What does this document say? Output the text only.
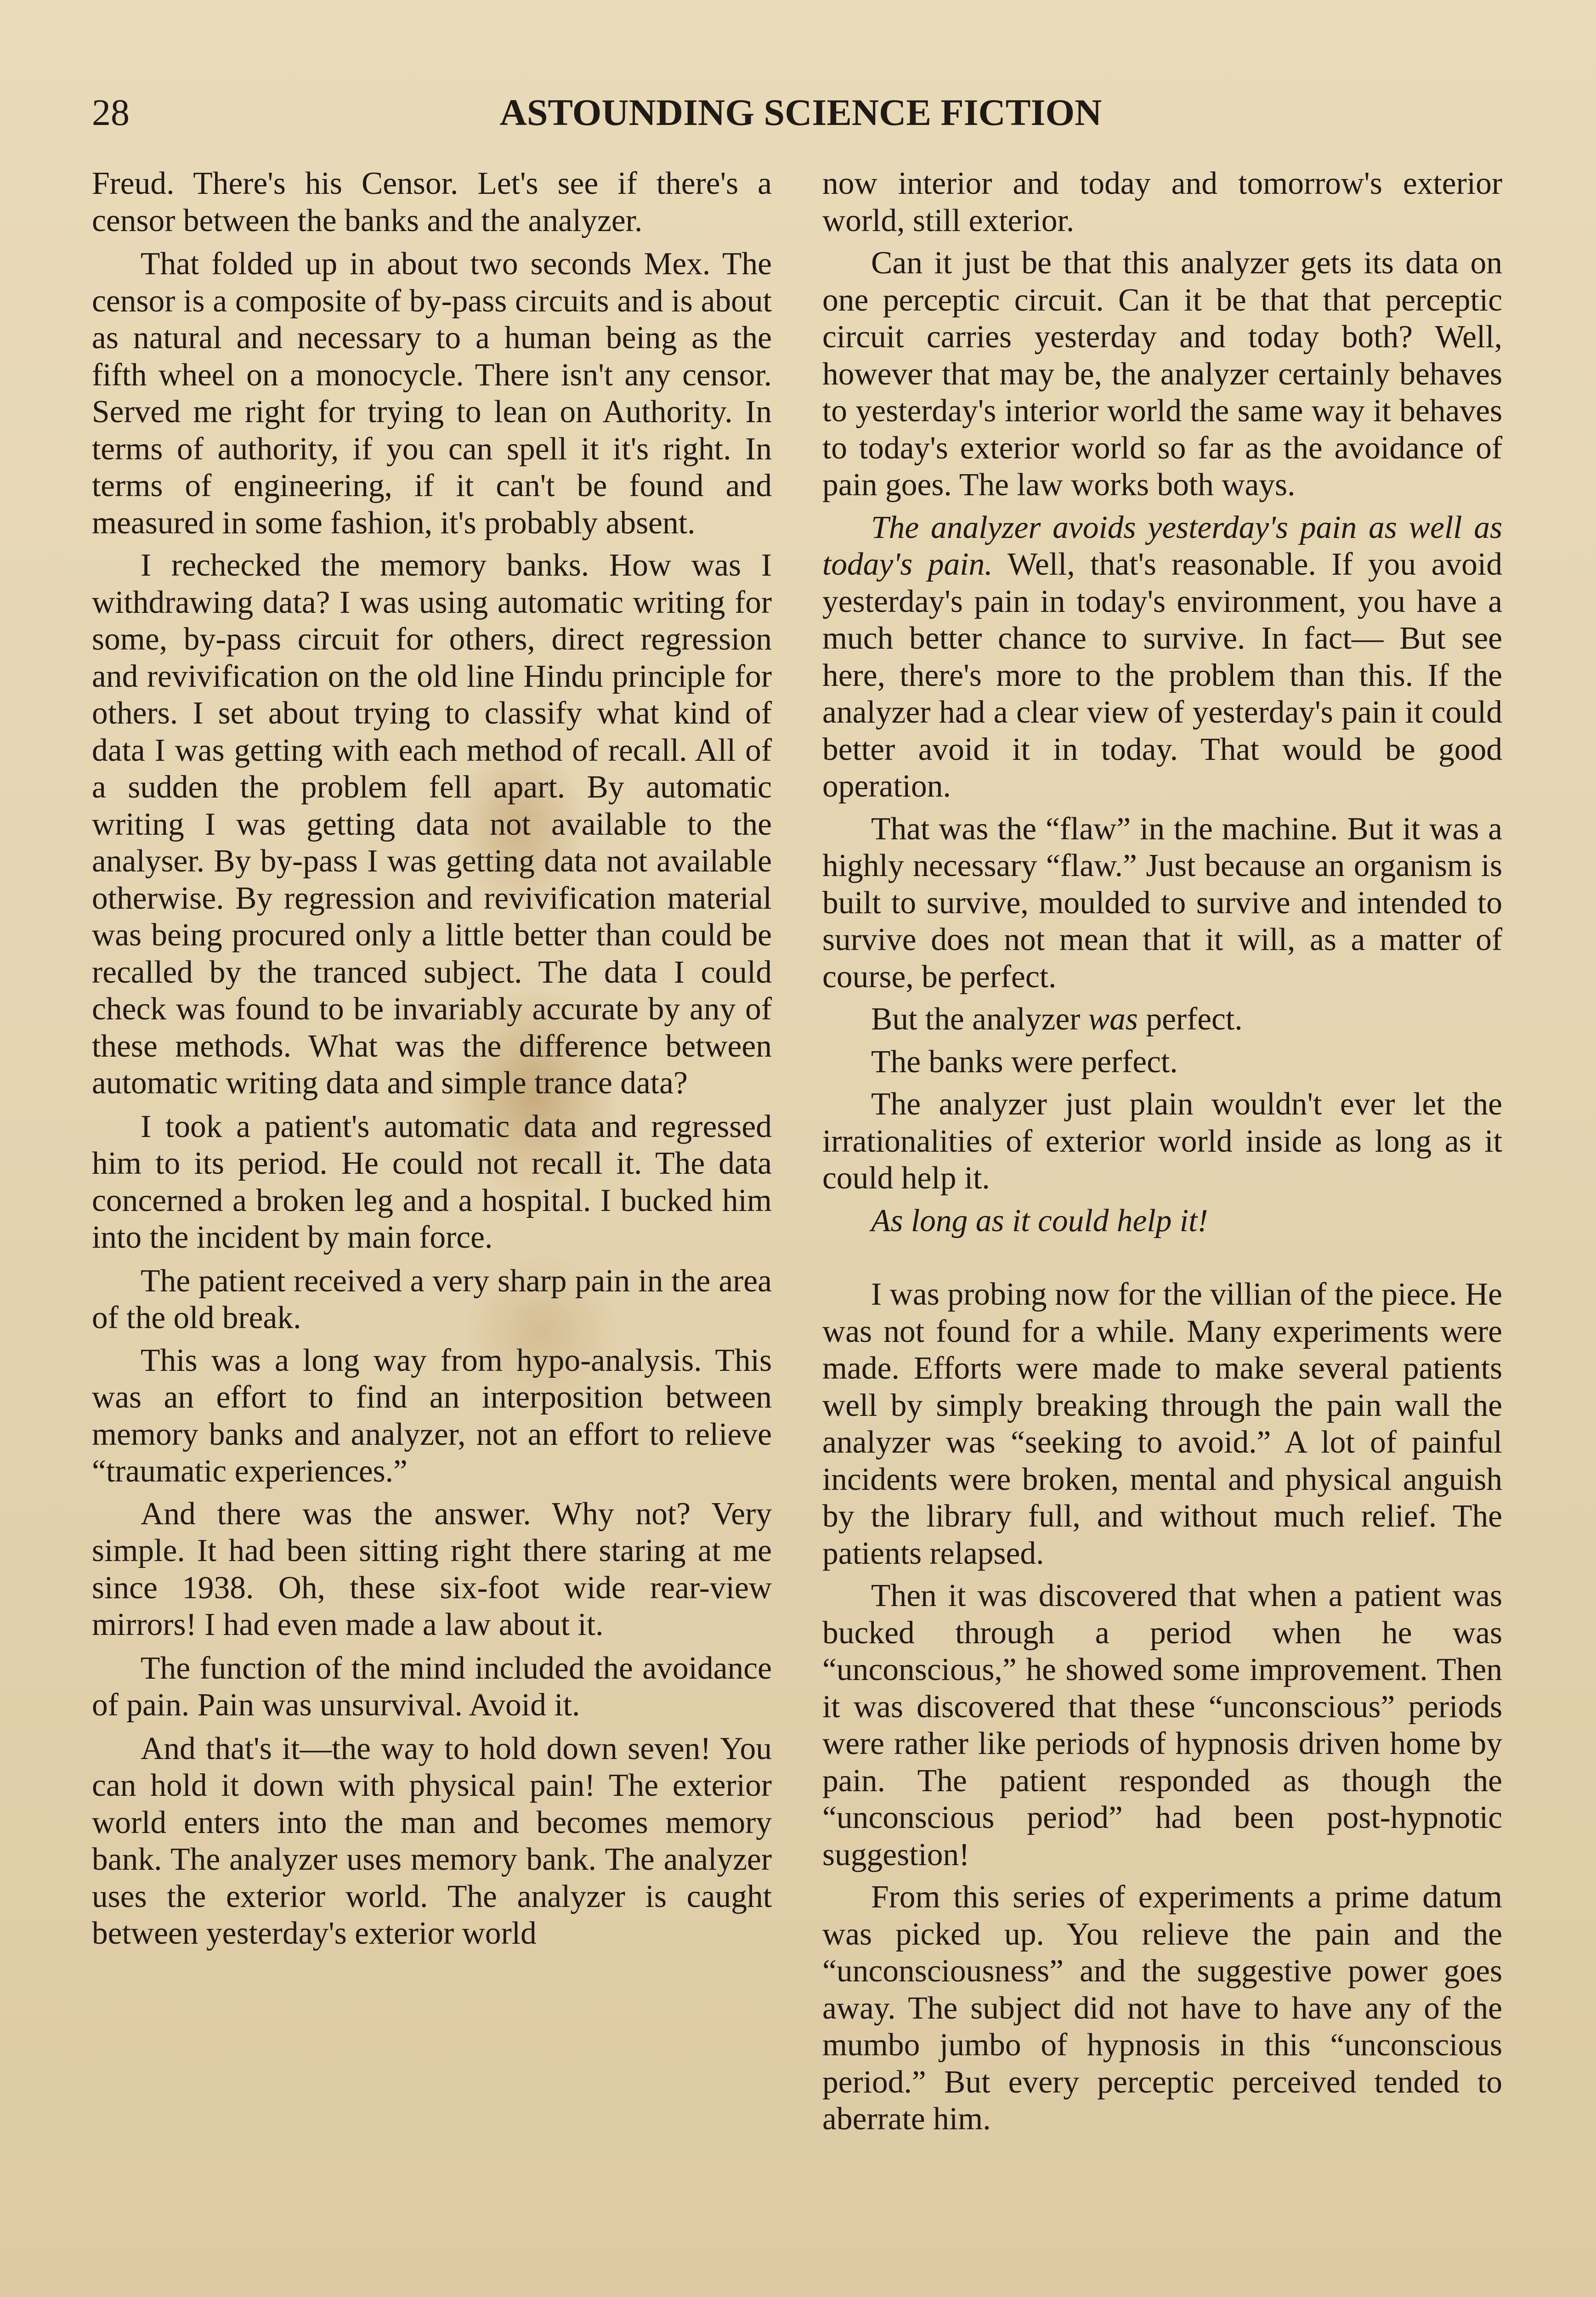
28	ASTOUNDING SCIENCE FICTION

Freud. There's his Censor. Let's see if there's a censor between the banks and the analyzer.

That folded up in about two seconds Mex. The censor is a composite of by-pass circuits and is about as natural and necessary to a human being as the fifth wheel on a monocycle. There isn't any censor. Served me right for trying to lean on Authority. In terms of authority, if you can spell it it's right. In terms of engineering, if it can't be found and measured in some fashion, it's probably absent.

I rechecked the memory banks. How was I withdrawing data? I was using automatic writing for some, by-pass circuit for others, direct regression and revivification on the old line Hindu principle for others. I set about trying to classify what kind of data I was getting with each method of recall. All of a sudden the problem fell apart. By automatic writing I was getting data not available to the analyser. By by-pass I was getting data not available otherwise. By regression and revivification material was being procured only a little better than could be recalled by the tranced subject. The data I could check was found to be invariably accurate by any of these methods. What was the difference between automatic writing data and simple trance data?

I took a patient's automatic data and regressed him to its period. He could not recall it. The data concerned a broken leg and a hospital. I bucked him into the incident by main force.

The patient received a very sharp pain in the area of the old break.

This was a long way from hypo-analysis. This was an effort to find an interposition between memory banks and analyzer, not an effort to relieve “traumatic experiences.”

And there was the answer. Why not? Very simple. It had been sitting right there staring at me since 1938. Oh, these six-foot wide rear-view mirrors! I had even made a law about it.

The function of the mind included the avoidance of pain. Pain was unsurvival. Avoid it.

And that's it—the way to hold down seven! You can hold it down with physical pain! The exterior world enters into the man and becomes memory bank. The analyzer uses memory bank. The analyzer uses the exterior world. The analyzer is caught between yesterday's exterior world

now interior and today and tomorrow's exterior world, still exterior.

Can it just be that this analyzer gets its data on one perceptic circuit. Can it be that that perceptic circuit carries yesterday and today both? Well, however that may be, the analyzer certainly behaves to yesterday's interior world the same way it behaves to today's exterior world so far as the avoidance of pain goes. The law works both ways.

The analyzer avoids yesterday's pain as well as today's pain. Well, that's reasonable. If you avoid yesterday's pain in today's environment, you have a much better chance to survive. In fact— But see here, there's more to the problem than this. If the analyzer had a clear view of yesterday's pain it could better avoid it in today. That would be good operation.

That was the “flaw” in the machine. But it was a highly necessary “flaw.” Just because an organism is built to survive, moulded to survive and intended to survive does not mean that it will, as a matter of course, be perfect.

But the analyzer was perfect.

The banks were perfect.

The analyzer just plain wouldn't ever let the irrationalities of exterior world inside as long as it could help it.

As long as it could help it!

I was probing now for the villian of the piece. He was not found for a while. Many experiments were made. Efforts were made to make several patients well by simply breaking through the pain wall the analyzer was “seeking to avoid.” A lot of painful incidents were broken, mental and physical anguish by the library full, and without much relief. The patients relapsed.

Then it was discovered that when a patient was bucked through a period when he was “unconscious,” he showed some improvement. Then it was discovered that these “unconscious” periods were rather like periods of hypnosis driven home by pain. The patient responded as though the “unconscious period” had been post-hypnotic suggestion!

From this series of experiments a prime datum was picked up. You relieve the pain and the “unconsciousness” and the suggestive power goes away. The subject did not have to have any of the mumbo jumbo of hypnosis in this “unconscious period.” But every perceptic perceived tended to aberrate him.
